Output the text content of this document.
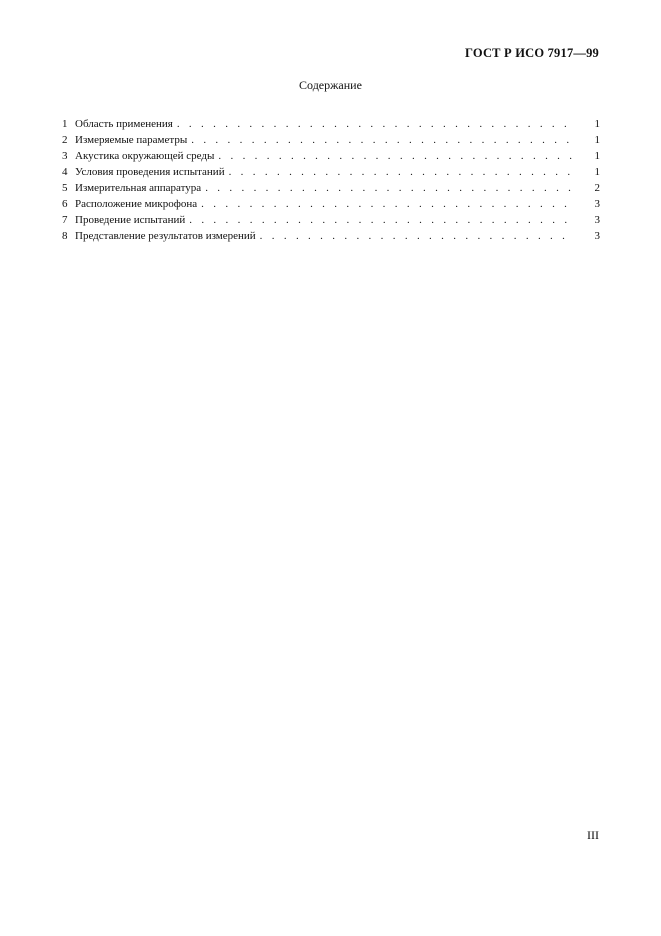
ГОСТ Р ИСО 7917—99
Содержание
1 Область применения . . .	1
2 Измеряемые параметры . . .	1
3 Акустика окружающей среды . . .	1
4 Условия проведения испытаний . . .	1
5 Измерительная аппаратура . . .	2
6 Расположение микрофона . . .	3
7 Проведение испытаний . . .	3
8 Представление результатов измерений . . .	3
III
